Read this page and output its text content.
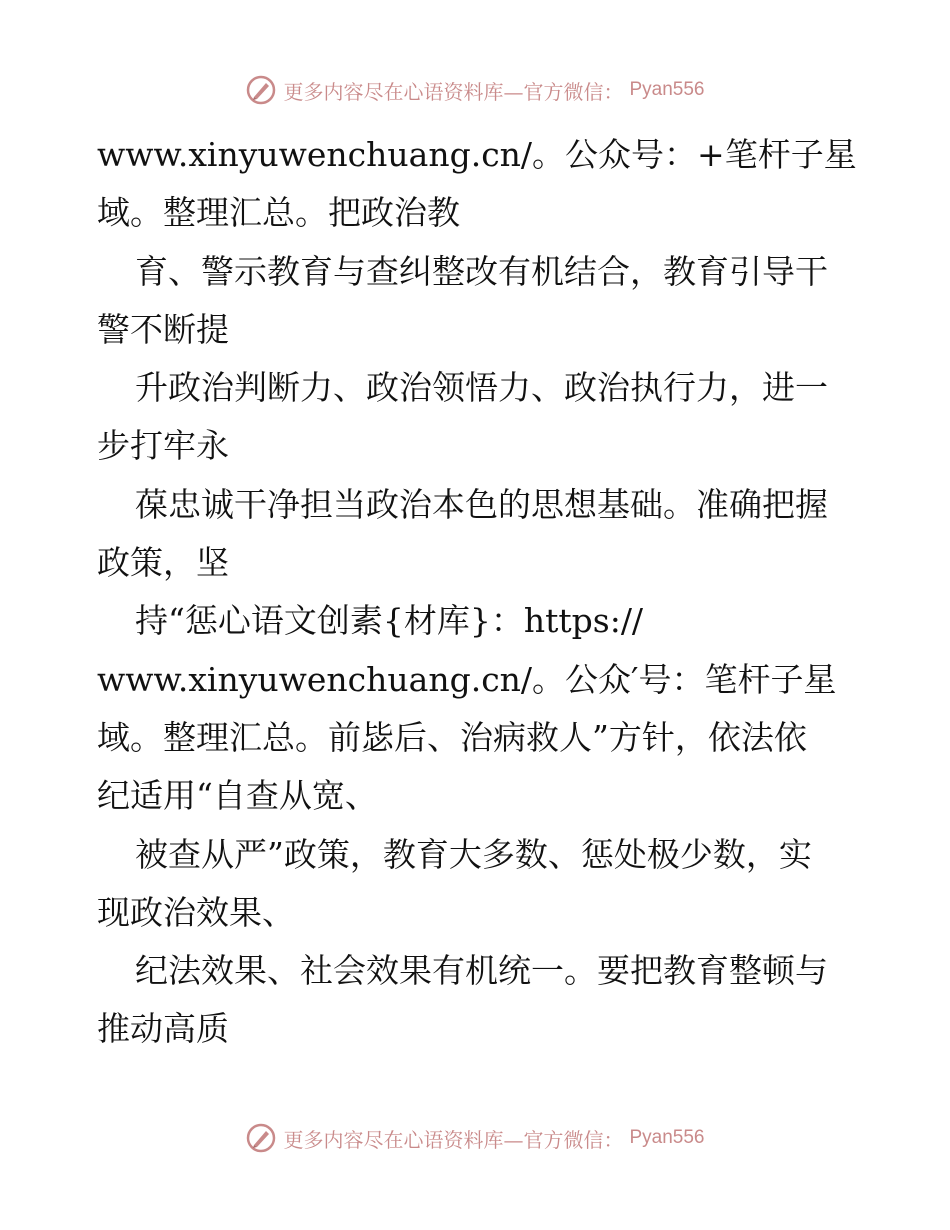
更多内容尽在心语资料库—官方微信： Pyan556
www.xinyuwenchuang.cn/。公众号：+笔杆子星
域。整理汇总。把政治教
育、警示教育与查纠整改有机结合，教育引导干
警不断提
升政治判断力、政治领悟力、政治执行力，进一
步打牢永
葆忠诚干净担当政治本色的思想基础。准确把握
政策，坚
持“惩心语文创素{材库}：https://
www.xinyuwenchuang.cn/。公众′号：笔杆子星
域。整理汇总。前毖后、治病救人”方针，依法依
纪适用“自查从宽、
被查从严”政策，教育大多数、惩处极少数，实
现政治效果、
纪法效果、社会效果有机统一。要把教育整顿与
推动高质
更多内容尽在心语资料库—官方微信： Pyan556
